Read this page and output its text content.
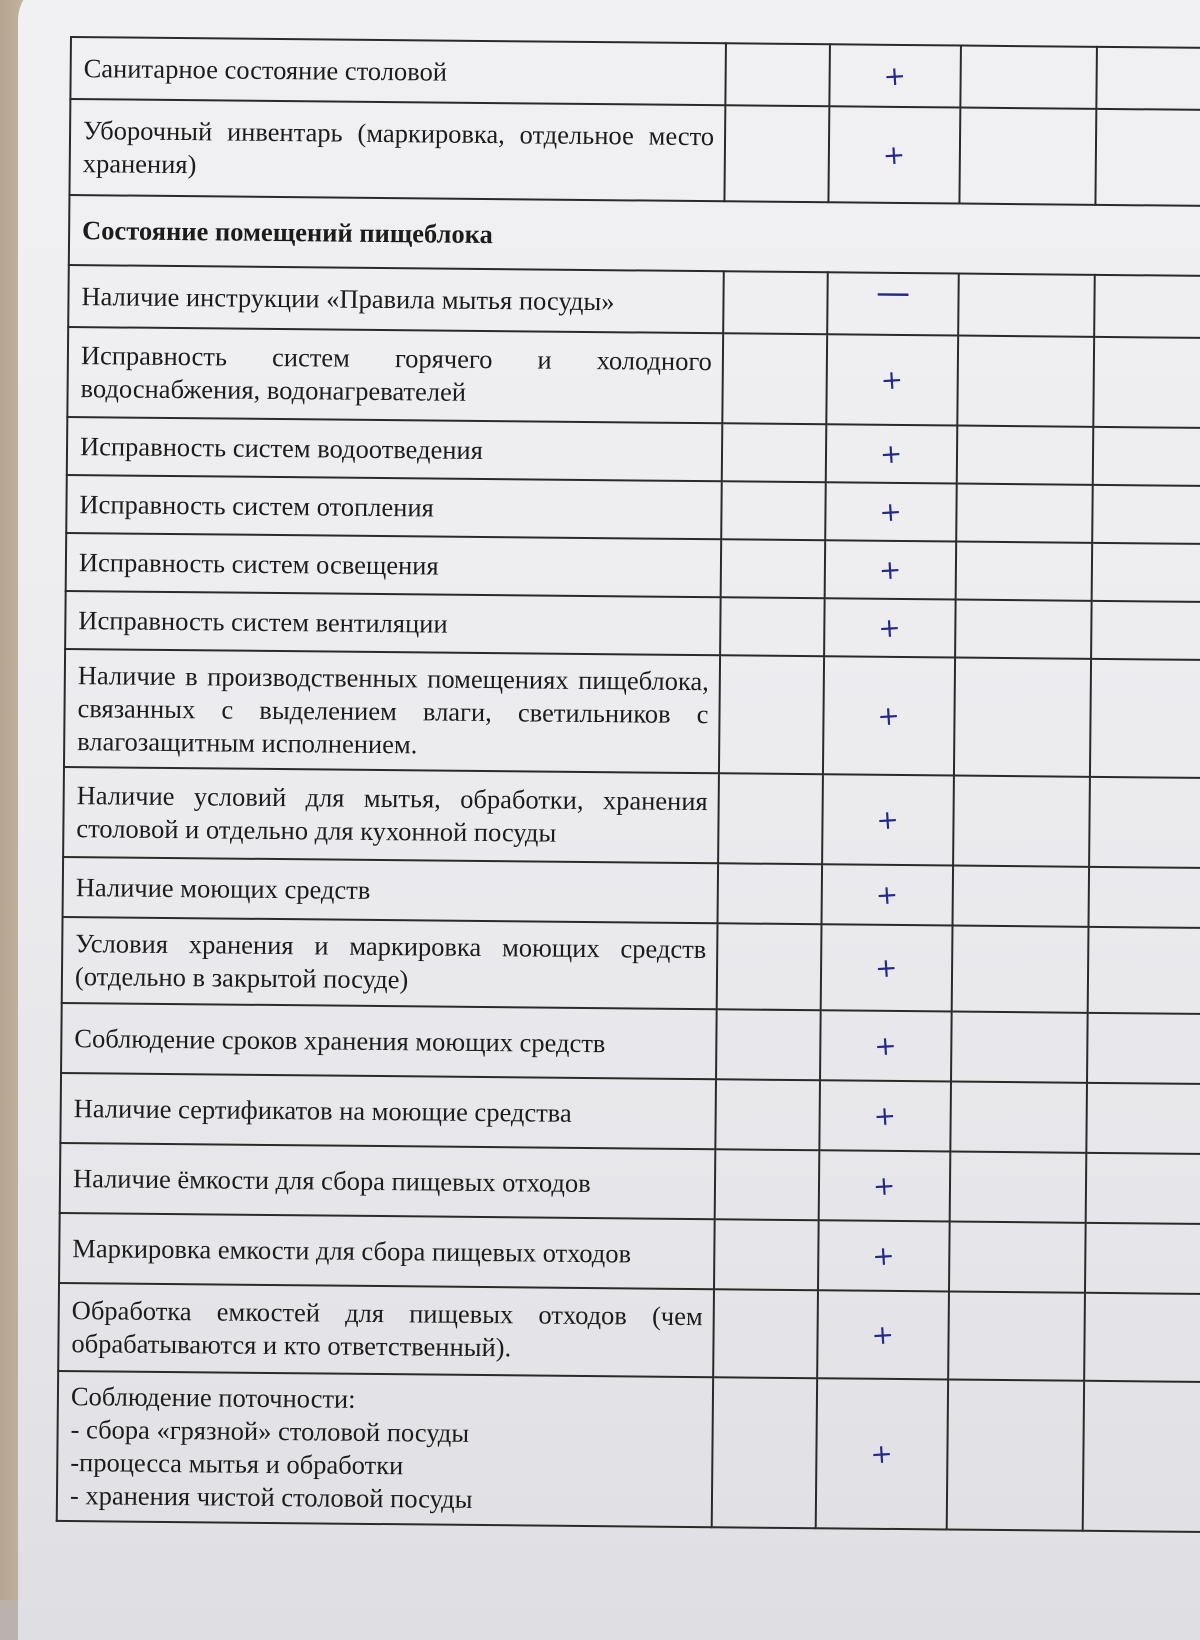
Санитарное состояние столовой		+		
Уборочный инвентарь (маркировка, отдельное место хранения)		+		
Состояние помещений пищеблока				
Наличие инструкции «Правила мытья посуды»		—		
Исправность систем горячего и холодного водоснабжения, водонагревателей		+		
Исправность систем водоотведения		+		
Исправность систем отопления		+		
Исправность систем освещения		+		
Исправность систем вентиляции		+		
Наличие в производственных помещениях пищеблока, связанных с выделением влаги, светильников с влагозащитным исполнением.		+		
Наличие условий для мытья, обработки, хранения столовой и отдельно для кухонной посуды		+		
Наличие моющих средств		+		
Условия хранения и маркировка моющих средств (отдельно в закрытой посуде)		+		
Соблюдение сроков хранения моющих средств		+		
Наличие сертификатов на моющие средства		+		
Наличие ёмкости для сбора пищевых отходов		+		
Маркировка емкости для сбора пищевых отходов		+		
Обработка емкостей для пищевых отходов (чем обрабатываются и кто ответственный).		+		

Соблюдение поточности:
- сбора «грязной» столовой посуды
-процесса мытья и обработки
- хранения чистой столовой посуды		+		
